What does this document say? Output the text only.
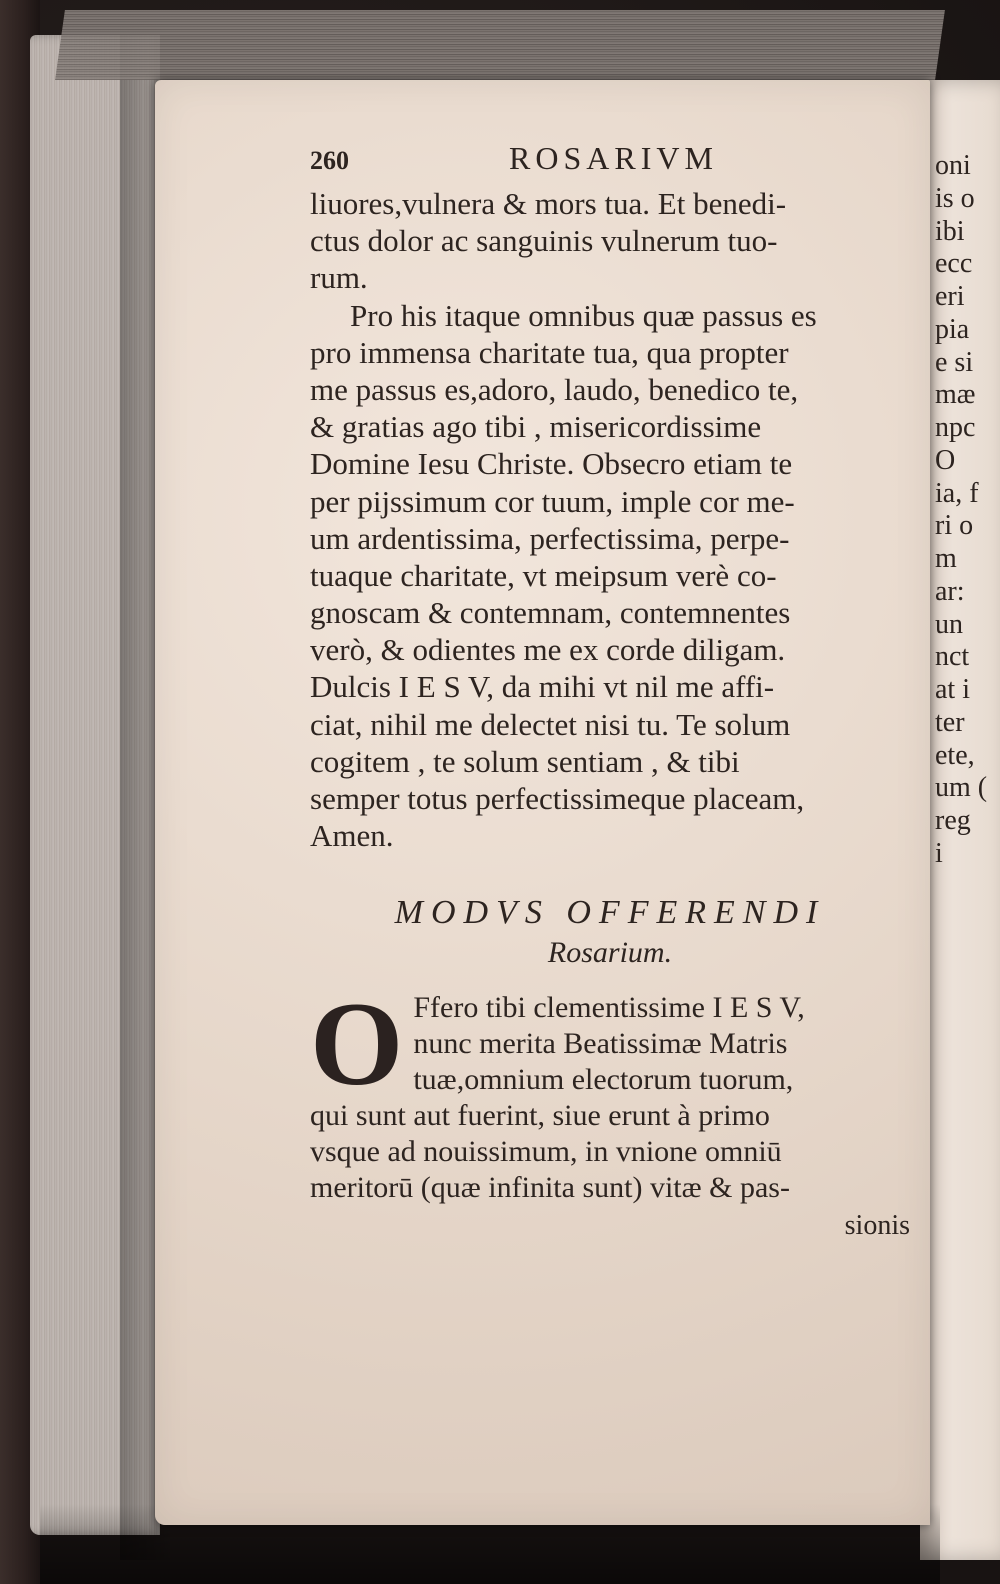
260	ROSARIVM
liuores,vulnera & mors tua. Et benedi-
ctus dolor ac sanguinis vulnerum tuo-
rum.
Pro his itaque omnibus quæ passus es
pro immensa charitate tua, qua propter
me passus es,adoro, laudo, benedico te,
& gratias ago tibi , misericordissime
Domine Iesu Christe. Obsecro etiam te
per pijssimum cor tuum, imple cor me-
um ardentissima, perfectissima, perpe-
tuaque charitate, vt meipsum verè co-
gnoscam & contemnam, contemnentes
verò, & odientes me ex corde diligam.
Dulcis I E S V, da mihi vt nil me affi-
ciat, nihil me delectet nisi tu. Te solum
cogitem , te solum sentiam , & tibi
semper totus perfectissimeque placeam,
Amen.
MODVS OFFERENDI
Rosarium.
O Ffero tibi clementissime I E S V,
nunc merita Beatissimæ Matris
tuæ,omnium electorum tuorum,
qui sunt aut fuerint, siue erunt à primo
vsque ad nouissimum, in vnione omniū
meritorū (quæ infinita sunt) vitæ & pas-
sionis
oni
is o
ibi
ecc
eri
pia
e si
mæ
npc
O
ia, f
ri o
m
ar:
un
nct
at i
ter
ete,
um (
reg
i
